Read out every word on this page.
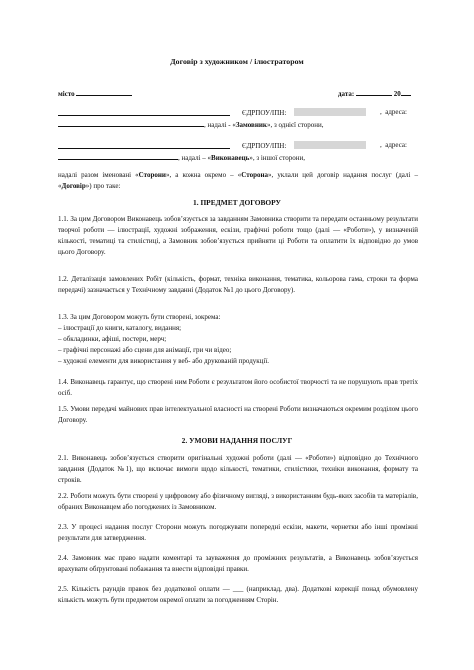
Договір з художником / ілюстратором
місто	дата:	20
ЄДРПОУ/ІПН:	,  адреса:
, надалі - «Замовник», з однієї сторони,
ЄДРПОУ/ІПН:	,  адреса:
, надалі – «Виконавець», з іншої сторони,

надалі разом іменовані «Сторони», а кожна окремо – «Сторона», уклали цей договір надання послуг (далі – «Договір») про таке:

1. ПРЕДМЕТ ДОГОВОРУ

1.1. За цим Договором Виконавець зобов’язується за завданням Замовника створити та передати останньому результати творчої роботи — ілюстрації, художні зображення, ескізи, графічні роботи тощо (далі — «Роботи»), у визначеній кількості, тематиці та стилістиці, а Замовник зобов’язується прийняти ці Роботи та оплатити їх відповідно до умов цього Договору.

1.2. Деталізація замовлених Робіт (кількість, формат, техніка виконання, тематика, кольорова гама, строки та форма передачі) зазначається у Технічному завданні (Додаток №1 до цього Договору).

1.3. За цим Договором можуть бути створені, зокрема:

– ілюстрації до книги, каталогу, видання;

– обкладинки, афіші, постери, мерч;

– графічні персонажі або сцени для анімації, гри чи відео;

– художні елементи для використання у веб- або друкованій продукції.

1.4. Виконавець гарантує, що створені ним Роботи є результатом його особистої творчості та не порушують прав третіх осіб.

1.5. Умови передачі майнових прав інтелектуальної власності на створені Роботи визначаються окремим розділом цього Договору.

2. УМОВИ НАДАННЯ ПОСЛУГ

2.1. Виконавець зобов’язується створити оригінальні художні роботи (далі — «Роботи») відповідно до Технічного завдання (Додаток №1), що включає вимоги щодо кількості, тематики, стилістики, техніки виконання, формату та строків.

2.2. Роботи можуть бути створені у цифровому або фізичному вигляді, з використанням будь-яких засобів та матеріалів, обраних Виконавцем або погоджених із Замовником.

2.3. У процесі надання послуг Сторони можуть погоджувати попередні ескізи, макети, чернетки або інші проміжні результати для затвердження.

2.4. Замовник має право надати коментарі та зауваження до проміжних результатів, а Виконавець зобов’язується врахувати обґрунтовані побажання та внести відповідні правки.

2.5. Кількість раундів правок без додаткової оплати — ___ (наприклад, два). Додаткові корекції понад обумовлену кількість можуть бути предметом окремої оплати за погодженням Сторін.
